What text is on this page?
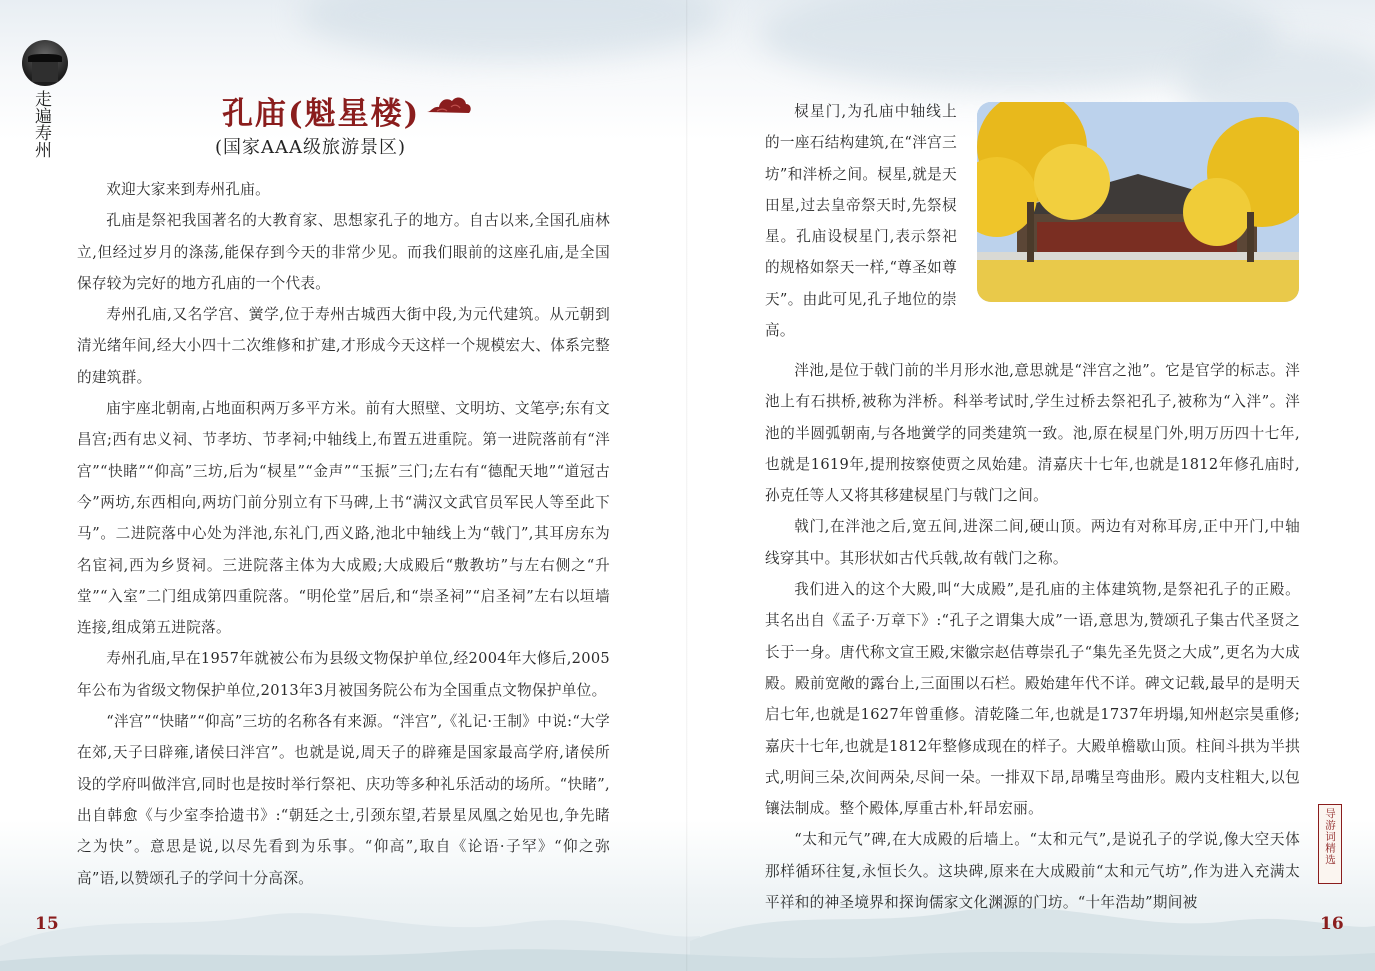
走遍寿州	孔庙(魁星楼)
(国家AAA级旅游景区)

欢迎大家来到寿州孔庙。

孔庙是祭祀我国著名的大教育家、思想家孔子的地方。自古以来,全国孔庙林立,但经过岁月的涤荡,能保存到今天的非常少见。而我们眼前的这座孔庙,是全国保存较为完好的地方孔庙的一个代表。

寿州孔庙,又名学宫、黉学,位于寿州古城西大街中段,为元代建筑。从元朝到清光绪年间,经大小四十二次维修和扩建,才形成今天这样一个规模宏大、体系完整的建筑群。

庙宇座北朝南,占地面积两万多平方米。前有大照壁、文明坊、文笔亭;东有文昌宫;西有忠义祠、节孝坊、节孝祠;中轴线上,布置五进重院。第一进院落前有“泮宫”“快睹”“仰高”三坊,后为“棂星”“金声”“玉振”三门;左右有“德配天地”“道冠古今”两坊,东西相向,两坊门前分别立有下马碑,上书“满汉文武官员军民人等至此下马”。二进院落中心处为泮池,东礼门,西义路,池北中轴线上为“戟门”,其耳房东为名宦祠,西为乡贤祠。三进院落主体为大成殿;大成殿后“敷教坊”与左右侧之“升堂”“入室”二门组成第四重院落。“明伦堂”居后,和“崇圣祠”“启圣祠”左右以垣墙连接,组成第五进院落。

寿州孔庙,早在1957年就被公布为县级文物保护单位,经2004年大修后,2005年公布为省级文物保护单位,2013年3月被国务院公布为全国重点文物保护单位。

“泮宫”“快睹”“仰高”三坊的名称各有来源。“泮宫”,《礼记·王制》中说:“大学在郊,天子曰辟雍,诸侯曰泮宫”。也就是说,周天子的辟雍是国家最高学府,诸侯所设的学府叫做泮宫,同时也是按时举行祭祀、庆功等多种礼乐活动的场所。“快睹”,出自韩愈《与少室李拾遗书》:“朝廷之士,引颈东望,若景星凤凰之始见也,争先睹之为快”。意思是说,以尽先看到为乐事。“仰高”,取自《论语·子罕》“仰之弥高”语,以赞颂孔子的学问十分高深。

棂星门,为孔庙中轴线上的一座石结构建筑,在“泮宫三坊”和泮桥之间。棂星,就是天田星,过去皇帝祭天时,先祭棂星。孔庙设棂星门,表示祭祀的规格如祭天一样,“尊圣如尊天”。由此可见,孔子地位的崇高。

泮池,是位于戟门前的半月形水池,意思就是“泮宫之池”。它是官学的标志。泮池上有石拱桥,被称为泮桥。科举考试时,学生过桥去祭祀孔子,被称为“入泮”。泮池的半圆弧朝南,与各地黉学的同类建筑一致。池,原在棂星门外,明万历四十七年,也就是1619年,提刑按察使贾之凤始建。清嘉庆十七年,也就是1812年修孔庙时,孙克任等人又将其移建棂星门与戟门之间。

戟门,在泮池之后,宽五间,进深二间,硬山顶。两边有对称耳房,正中开门,中轴线穿其中。其形状如古代兵戟,故有戟门之称。

我们进入的这个大殿,叫“大成殿”,是孔庙的主体建筑物,是祭祀孔子的正殿。其名出自《孟子·万章下》:“孔子之谓集大成”一语,意思为,赞颂孔子集古代圣贤之长于一身。唐代称文宣王殿,宋徽宗赵佶尊崇孔子“集先圣先贤之大成”,更名为大成殿。殿前宽敞的露台上,三面围以石栏。殿始建年代不详。碑文记载,最早的是明天启七年,也就是1627年曾重修。清乾隆二年,也就是1737年坍塌,知州赵宗昊重修;嘉庆十七年,也就是1812年整修成现在的样子。大殿单檐歇山顶。柱间斗拱为半拱式,明间三朵,次间两朵,尽间一朵。一排双下昂,昂嘴呈弯曲形。殿内支柱粗大,以包镶法制成。整个殿体,厚重古朴,轩昂宏丽。

“太和元气”碑,在大成殿的后墙上。“太和元气”,是说孔子的学说,像大空天体那样循环往复,永恒长久。这块碑,原来在大成殿前“太和元气坊”,作为进入充满太平祥和的神圣境界和探询儒家文化渊源的门坊。“十年浩劫”期间被

导游词精选
15	16
